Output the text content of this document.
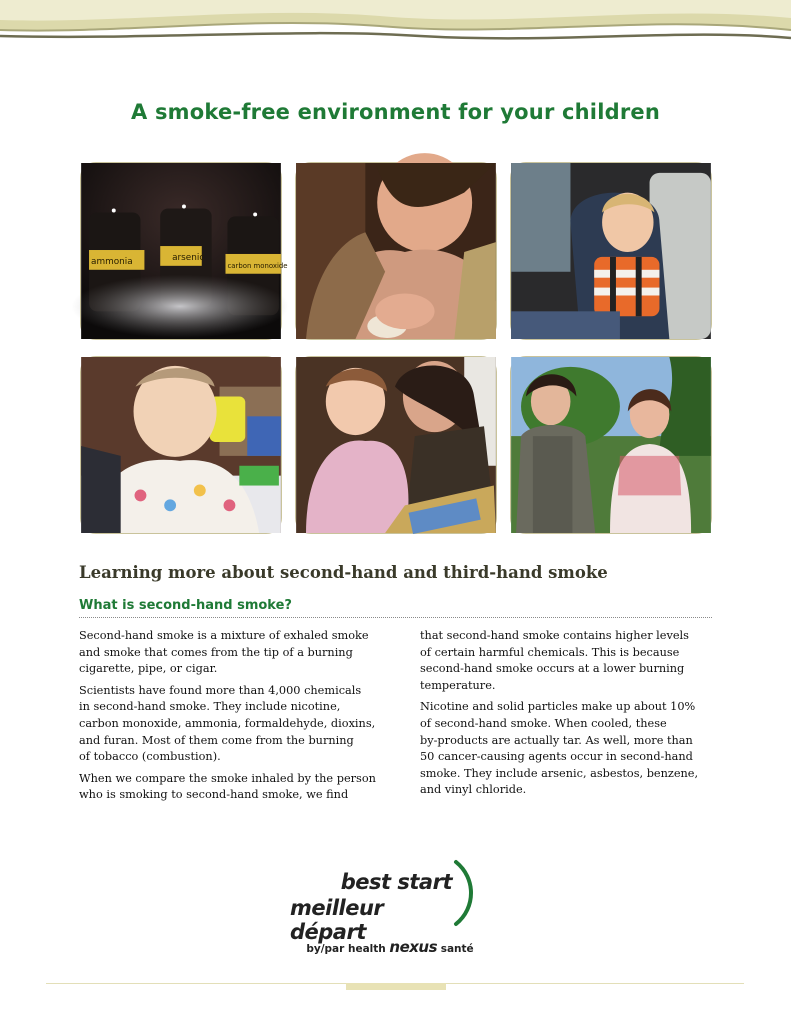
A smoke-free environment for your children
ammonia	arsenic
carbon monoxide
Learning more about second-hand and third-hand smoke
What is second-hand smoke?

Second-hand smoke is a mixture of exhaled smoke
and smoke that comes from the tip of a burning
cigarette, pipe, or cigar.

Scientists have found more than 4,000 chemicals
in second-hand smoke. They include nicotine,
carbon monoxide, ammonia, formaldehyde, dioxins,
and furan. Most of them come from the burning
of tobacco (combustion).

When we compare the smoke inhaled by the person
who is smoking to second-hand smoke, we find

that second-hand smoke contains higher levels
of certain harmful chemicals. This is because
second-hand smoke occurs at a lower burning
temperature.

Nicotine and solid particles make up about 10%
of second-hand smoke. When cooled, these
by-products are actually tar. As well, more than
50 cancer-causing agents occur in second-hand
smoke. They include arsenic, asbestos, benzene,
and vinyl chloride.

best start
meilleur départ
by/par health nexus santé
